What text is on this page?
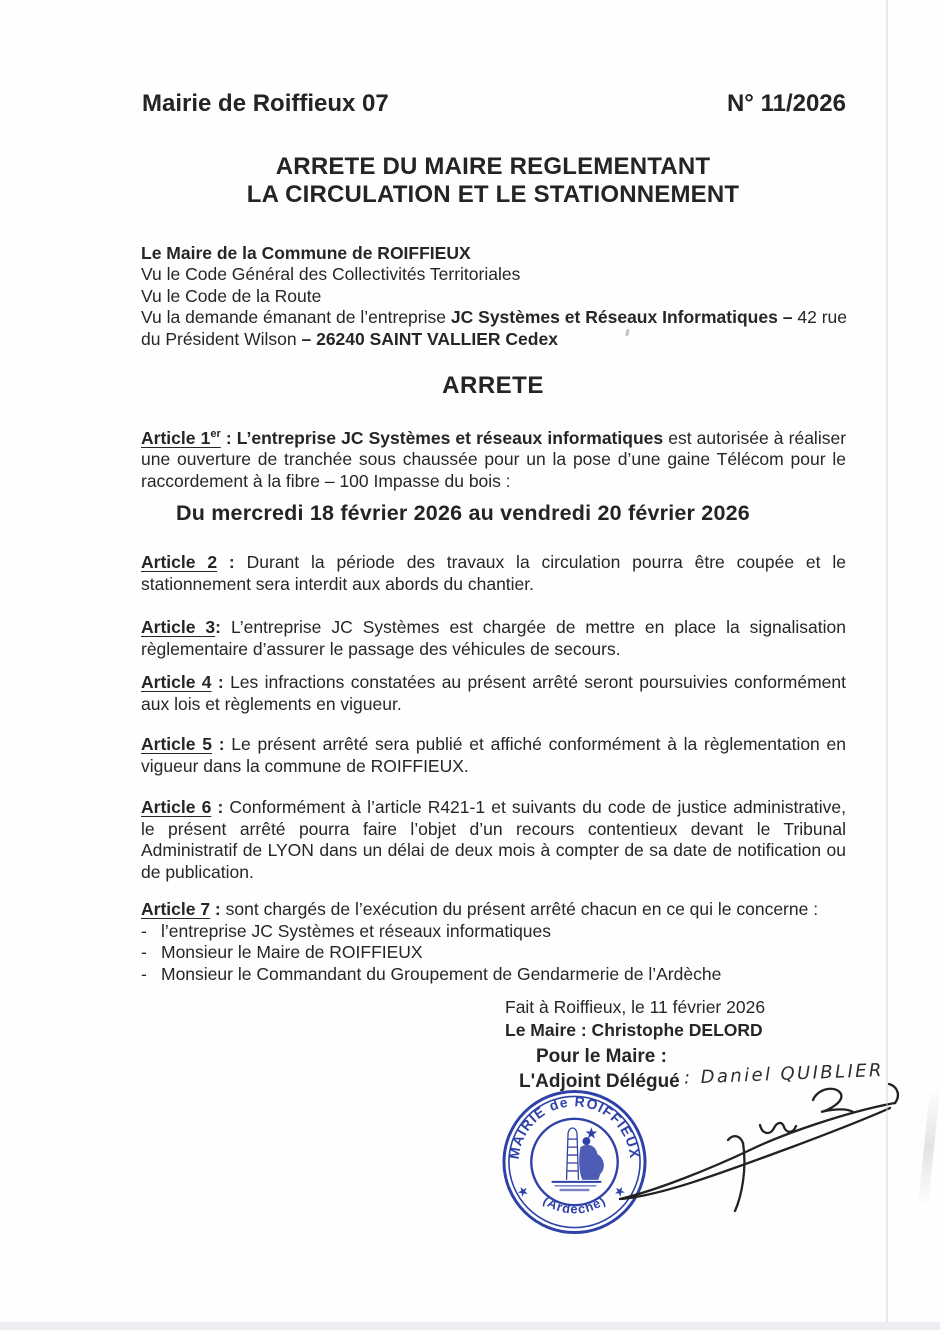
Mairie de Roiffieux 07	N° 11/2026
ARRETE DU MAIRE REGLEMENTANT
LA CIRCULATION ET LE STATIONNEMENT

Le Maire de la Commune de ROIFFIEUX

Vu le Code Général des Collectivités Territoriales

Vu le Code de la Route

Vu la demande émanant de l’entreprise JC Systèmes et Réseaux Informatiques – 42 rue du Président Wilson – 26240 SAINT VALLIER Cedex

ARRETE

Article 1er : L’entreprise JC Systèmes et réseaux informatiques est autorisée à réaliser une ouverture de tranchée sous chaussée pour un la pose d’une gaine Télécom pour le raccordement à la fibre – 100 Impasse du bois :

Du mercredi 18 février 2026 au vendredi 20 février 2026

Article 2 : Durant la période des travaux la circulation pourra être coupée et le stationnement sera interdit aux abords du chantier.

Article 3: L’entreprise JC Systèmes est chargée de mettre en place la signalisation règlementaire d’assurer le passage des véhicules de secours.

Article 4 : Les infractions constatées au présent arrêté seront poursuivies conformément aux lois et règlements en vigueur.

Article 5 : Le présent arrêté sera publié et affiché conformément à la règlementation en vigueur dans la commune de ROIFFIEUX.

Article 6 : Conformément à l’article R421-1 et suivants du code de justice administrative, le présent arrêté pourra faire l’objet d’un recours contentieux devant le Tribunal Administratif de LYON dans un délai de deux mois à compter de sa date de notification ou de publication.

Article 7 : sont chargés de l’exécution du présent arrêté chacun en ce qui le concerne :

- l’entreprise JC Systèmes et réseaux informatiques
- Monsieur le Maire de ROIFFIEUX
- Monsieur le Commandant du Groupement de Gendarmerie de l’Ardèche
Fait à Roiffieux, le 11 février 2026
Le Maire : Christophe DELORD
Pour le Maire :
L'Adjoint Délégué : Daniel QUIBLIER
MAIRIE de ROIFFIEUX
(Ardèche)
★	★
